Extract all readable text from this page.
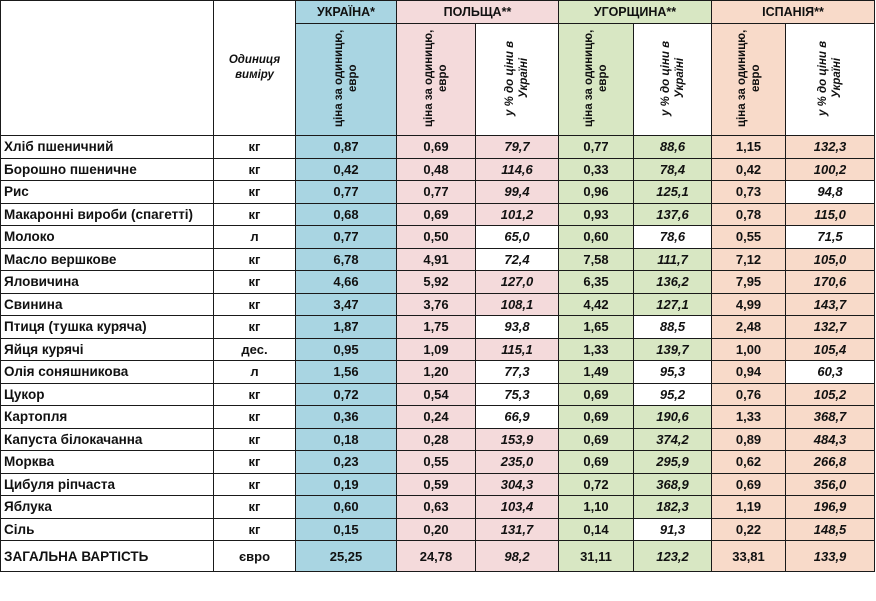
	Одиниця виміру	УКРАЇНА*	ПОЛЬЩА**		УГОРЩИНА**		ІСПАНІЯ**	
		ціна за одиницю, евро	ціна за одиницю, евро	у % до ціни в Україні	ціна за одиницю, евро	у % до ціни в Україні	ціна за одиницю, евро	у % до ціни в Україні
Хліб пшеничний	кг	0,87	0,69	79,7	0,77	88,6	1,15	132,3
Борошно пшеничне	кг	0,42	0,48	114,6	0,33	78,4	0,42	100,2
Рис	кг	0,77	0,77	99,4	0,96	125,1	0,73	94,8
Макаронні вироби (спагетті)	кг	0,68	0,69	101,2	0,93	137,6	0,78	115,0
Молоко	л	0,77	0,50	65,0	0,60	78,6	0,55	71,5
Масло вершкове	кг	6,78	4,91	72,4	7,58	111,7	7,12	105,0
Яловичина	кг	4,66	5,92	127,0	6,35	136,2	7,95	170,6
Свинина	кг	3,47	3,76	108,1	4,42	127,1	4,99	143,7
Птиця (тушка куряча)	кг	1,87	1,75	93,8	1,65	88,5	2,48	132,7
Яйця курячі	дес.	0,95	1,09	115,1	1,33	139,7	1,00	105,4
Олія соняшникова	л	1,56	1,20	77,3	1,49	95,3	0,94	60,3
Цукор	кг	0,72	0,54	75,3	0,69	95,2	0,76	105,2
Картопля	кг	0,36	0,24	66,9	0,69	190,6	1,33	368,7
Капуста білокачанна	кг	0,18	0,28	153,9	0,69	374,2	0,89	484,3
Морква	кг	0,23	0,55	235,0	0,69	295,9	0,62	266,8
Цибуля ріпчаста	кг	0,19	0,59	304,3	0,72	368,9	0,69	356,0
Яблука	кг	0,60	0,63	103,4	1,10	182,3	1,19	196,9
Сіль	кг	0,15	0,20	131,7	0,14	91,3	0,22	148,5
ЗАГАЛЬНА ВАРТІСТЬ	євро	25,25	24,78	98,2	31,11	123,2	33,81	133,9
